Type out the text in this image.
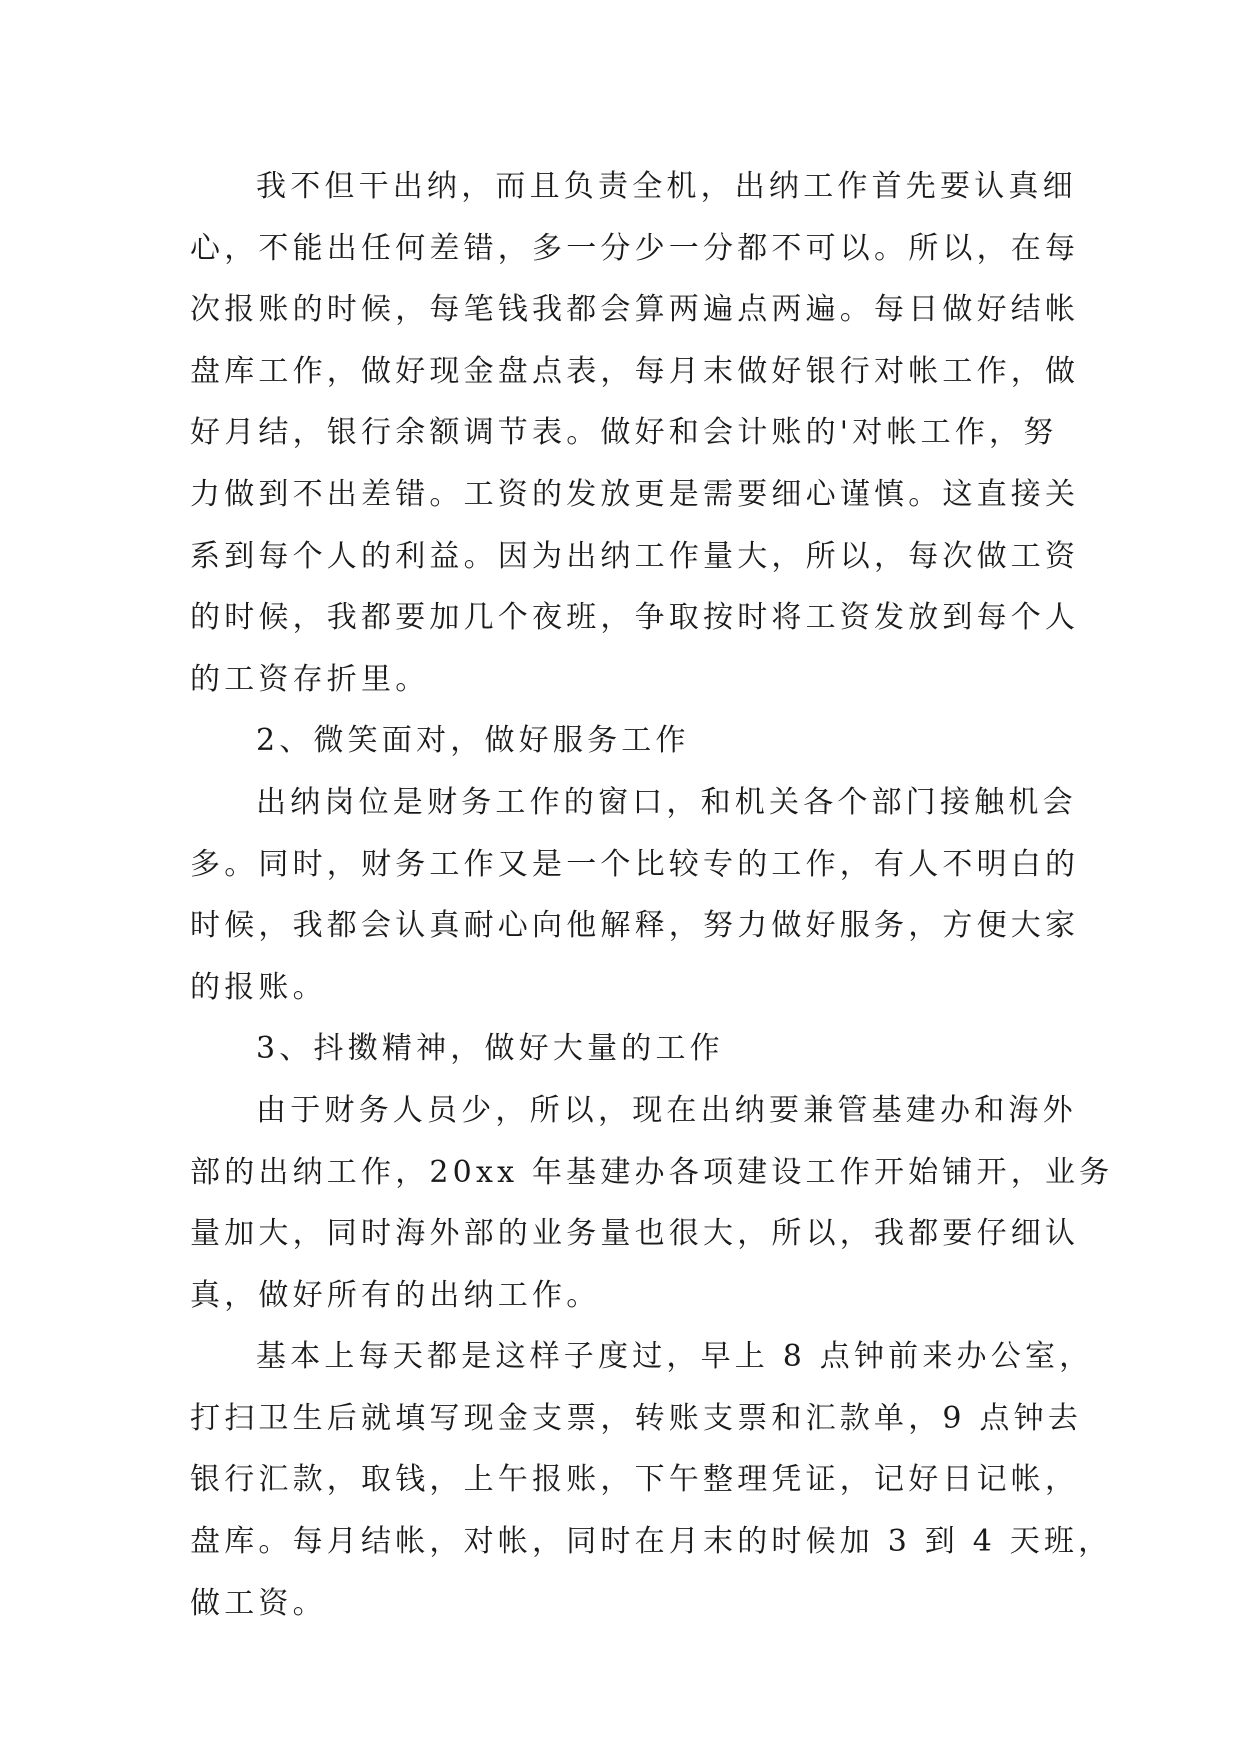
我不但干出纳，而且负责全机，出纳工作首先要认真细
心，不能出任何差错，多一分少一分都不可以。所以，在每
次报账的时候，每笔钱我都会算两遍点两遍。每日做好结帐
盘库工作，做好现金盘点表，每月末做好银行对帐工作，做
好月结，银行余额调节表。做好和会计账的'对帐工作，努
力做到不出差错。工资的发放更是需要细心谨慎。这直接关
系到每个人的利益。因为出纳工作量大，所以，每次做工资
的时候，我都要加几个夜班，争取按时将工资发放到每个人
的工资存折里。
2、微笑面对，做好服务工作
出纳岗位是财务工作的窗口，和机关各个部门接触机会
多。同时，财务工作又是一个比较专的工作，有人不明白的
时候，我都会认真耐心向他解释，努力做好服务，方便大家
的报账。
3、抖擞精神，做好大量的工作
由于财务人员少，所以，现在出纳要兼管基建办和海外
部的出纳工作，20xx 年基建办各项建设工作开始铺开，业务
量加大，同时海外部的业务量也很大，所以，我都要仔细认
真，做好所有的出纳工作。
基本上每天都是这样子度过，早上 8 点钟前来办公室，
打扫卫生后就填写现金支票，转账支票和汇款单，9 点钟去
银行汇款，取钱，上午报账，下午整理凭证，记好日记帐，
盘库。每月结帐，对帐，同时在月末的时候加 3 到 4 天班，
做工资。
